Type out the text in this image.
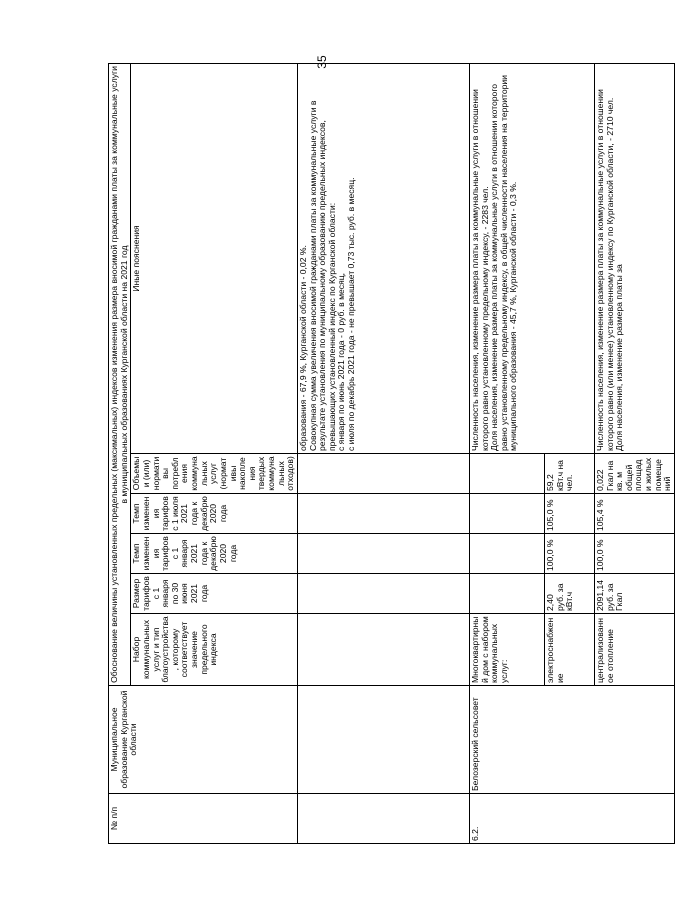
35
№ п/п	Муниципальное образование Курганской области	Обоснование величины установленных предельных (максимальных) индексов изменения размера вносимой гражданами платы за коммунальные услуги в муниципальных образованиях Курганской области на 2021 год					
		Набор коммунальных услуг и тип благоустройства, которому соответствует значение предельного индекса	Размер тарифов с 1 января по 30 июня 2021 года	Темп изменения тарифов с 1 января 2021 года к декабрю 2020 года	Темп изменения тарифов с 1 июля 2021 года к декабрю 2020 года	Объемы и (или) нормативы потребления коммунальных услуг (нормативы накопления твердых коммунальных отходов)	Иные пояснения
							образования - 67,9 %, Курганской области - 0,02 %.
Совокупная сумма увеличения вносимой гражданами платы за коммунальные услуги в результате установления по муниципальному образованию предельных индексов, превышающих установленный индекс по Курганской области:
с января по июнь 2021 года - 0 руб. в месяц,
с июля по декабрь 2021 года - не превышает 0,73 тыс. руб. в месяц.
6.2.	Белозерский сельсовет	Многоквартирный дом с набором коммунальных услуг:					Численность населения, изменение размера платы за коммунальные услуги в отношении которого равно установленному предельному индексу, - 2283 чел.
Доля населения, изменение размера платы за коммунальные услуги в отношении которого равно установленному предельному индексу, в общей численности населения на территории муниципального образования - 45,7 %, Курганской области - 0,3 %.
		электроснабжение	2,40 руб. за кВт.ч	100,0 %	105,0 %	59,2 кВт.ч на чел.	
		централизованное отопление	2091,14 руб. за Гкал	100,0 %	105,4 %	0,022 Гкал на кв. м общей площади жилых помещений	Численность населения, изменение размера платы за коммунальные услуги в отношении которого равно (или менее) установленному индексу по Курганской области, - 2710 чел.
Доля населения, изменение размера платы за
